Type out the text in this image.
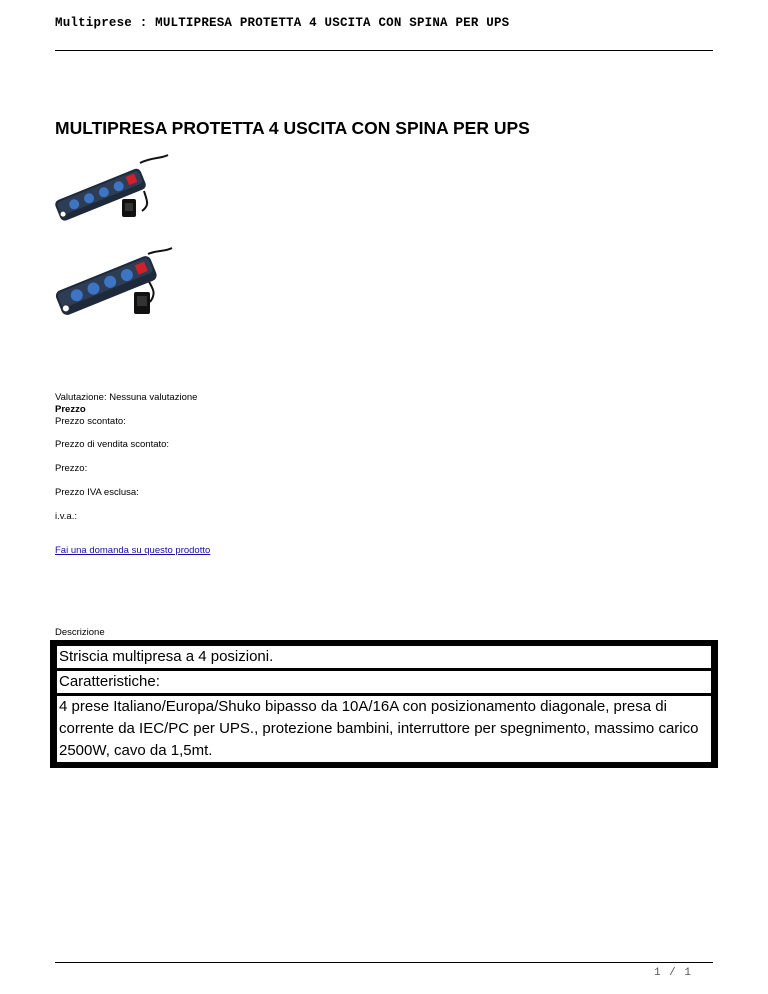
Multiprese : MULTIPRESA PROTETTA 4 USCITA CON SPINA PER UPS
MULTIPRESA PROTETTA 4 USCITA CON SPINA PER UPS
Valutazione: Nessuna valutazione
Prezzo
Prezzo scontato:
Prezzo di vendita scontato:
Prezzo:
Prezzo IVA esclusa:
i.v.a.:
Fai una domanda su questo prodotto
Descrizione
Striscia multipresa a 4 posizioni.
Caratteristiche:
4 prese Italiano/Europa/Shuko bipasso da 10A/16A con posizionamento diagonale, presa di corrente da IEC/PC per UPS., protezione bambini, interruttore per spegnimento, massimo carico 2500W, cavo da 1,5mt.
1 / 1
